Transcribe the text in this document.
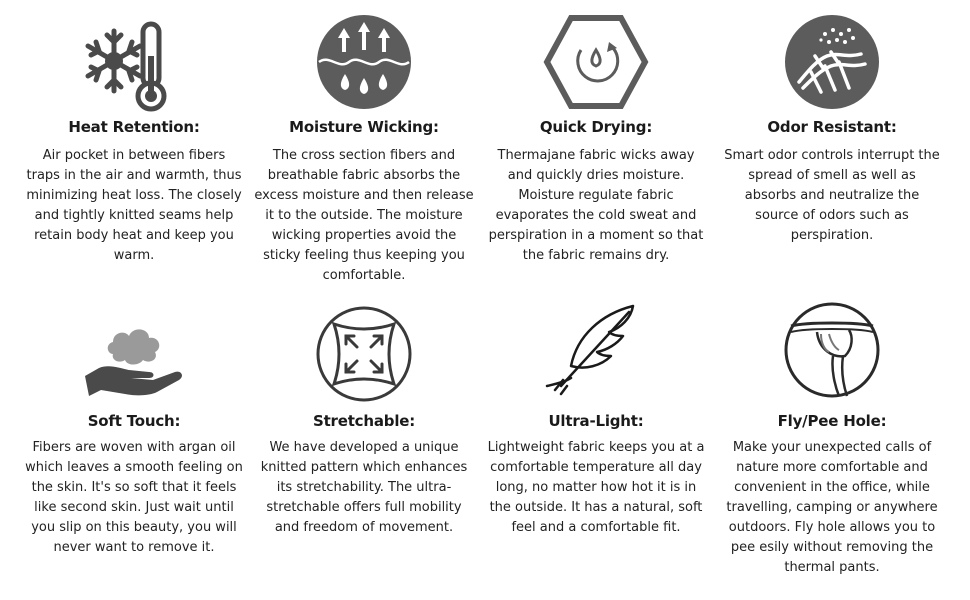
Heat Retention:
Air pocket in between fibers traps in the air and warmth, thus minimizing heat loss. The closely and tightly knitted seams help retain body heat and keep you warm.
Moisture Wicking:
The cross section fibers and breathable fabric absorbs the excess moisture and then release it to the outside. The moisture wicking properties avoid the sticky feeling thus keeping you comfortable.
Quick Drying:
Thermajane fabric wicks away and quickly dries moisture. Moisture regulate fabric evaporates the cold sweat and perspiration in a moment so that the fabric remains dry.
Odor Resistant:
Smart odor controls interrupt the spread of smell as well as absorbs and neutralize the source of odors such as perspiration.
Soft Touch:
Fibers are woven with argan oil which leaves a smooth feeling on the skin. It's so soft that it feels like second skin. Just wait until you slip on this beauty, you will never want to remove it.
Stretchable:
We have developed a unique knitted pattern which enhances its stretchability. The ultra-stretchable offers full mobility and freedom of movement.
Ultra-Light:
Lightweight fabric keeps you at a comfortable temperature all day long, no matter how hot it is in the outside. It has a natural, soft feel and a comfortable fit.
Fly/Pee Hole:
Make your unexpected calls of nature more comfortable and convenient in the office, while travelling, camping or anywhere outdoors. Fly hole allows you to pee esily without removing the thermal pants.
